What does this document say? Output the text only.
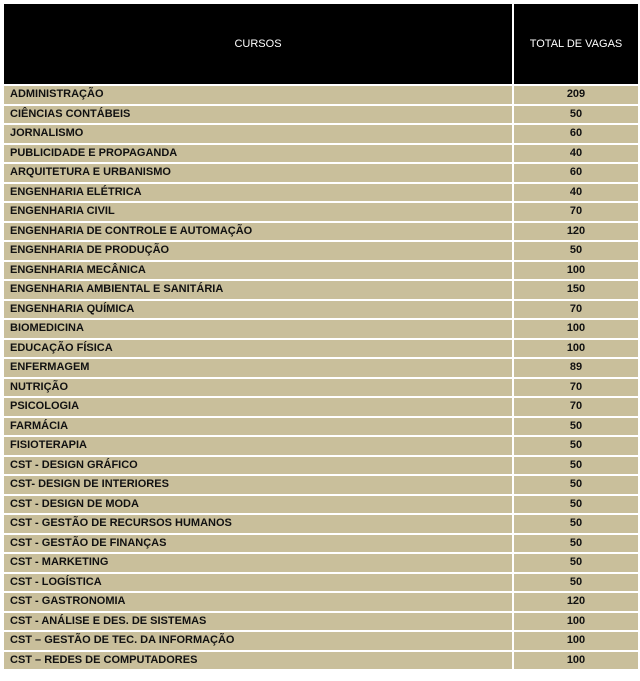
CURSOS	TOTAL DE VAGAS
ADMINISTRAÇÃO	209
CIÊNCIAS CONTÁBEIS	50
JORNALISMO	60
PUBLICIDADE E PROPAGANDA	40
ARQUITETURA E URBANISMO	60
ENGENHARIA ELÉTRICA	40
ENGENHARIA CIVIL	70
ENGENHARIA DE CONTROLE E AUTOMAÇÃO	120
ENGENHARIA DE PRODUÇÃO	50
ENGENHARIA MECÂNICA	100
ENGENHARIA AMBIENTAL E SANITÁRIA	150
ENGENHARIA QUÍMICA	70
BIOMEDICINA	100
EDUCAÇÃO FÍSICA	100
ENFERMAGEM	89
NUTRIÇÃO	70
PSICOLOGIA	70
FARMÁCIA	50
FISIOTERAPIA	50
CST - DESIGN GRÁFICO	50
CST- DESIGN DE INTERIORES	50
CST - DESIGN DE MODA	50
CST - GESTÃO DE RECURSOS HUMANOS	50
CST - GESTÃO DE FINANÇAS	50
CST - MARKETING	50
CST - LOGÍSTICA	50
CST - GASTRONOMIA	120
CST - ANÁLISE E DES. DE SISTEMAS	100
CST – GESTÃO DE TEC. DA INFORMAÇÃO	100
CST – REDES DE COMPUTADORES	100
